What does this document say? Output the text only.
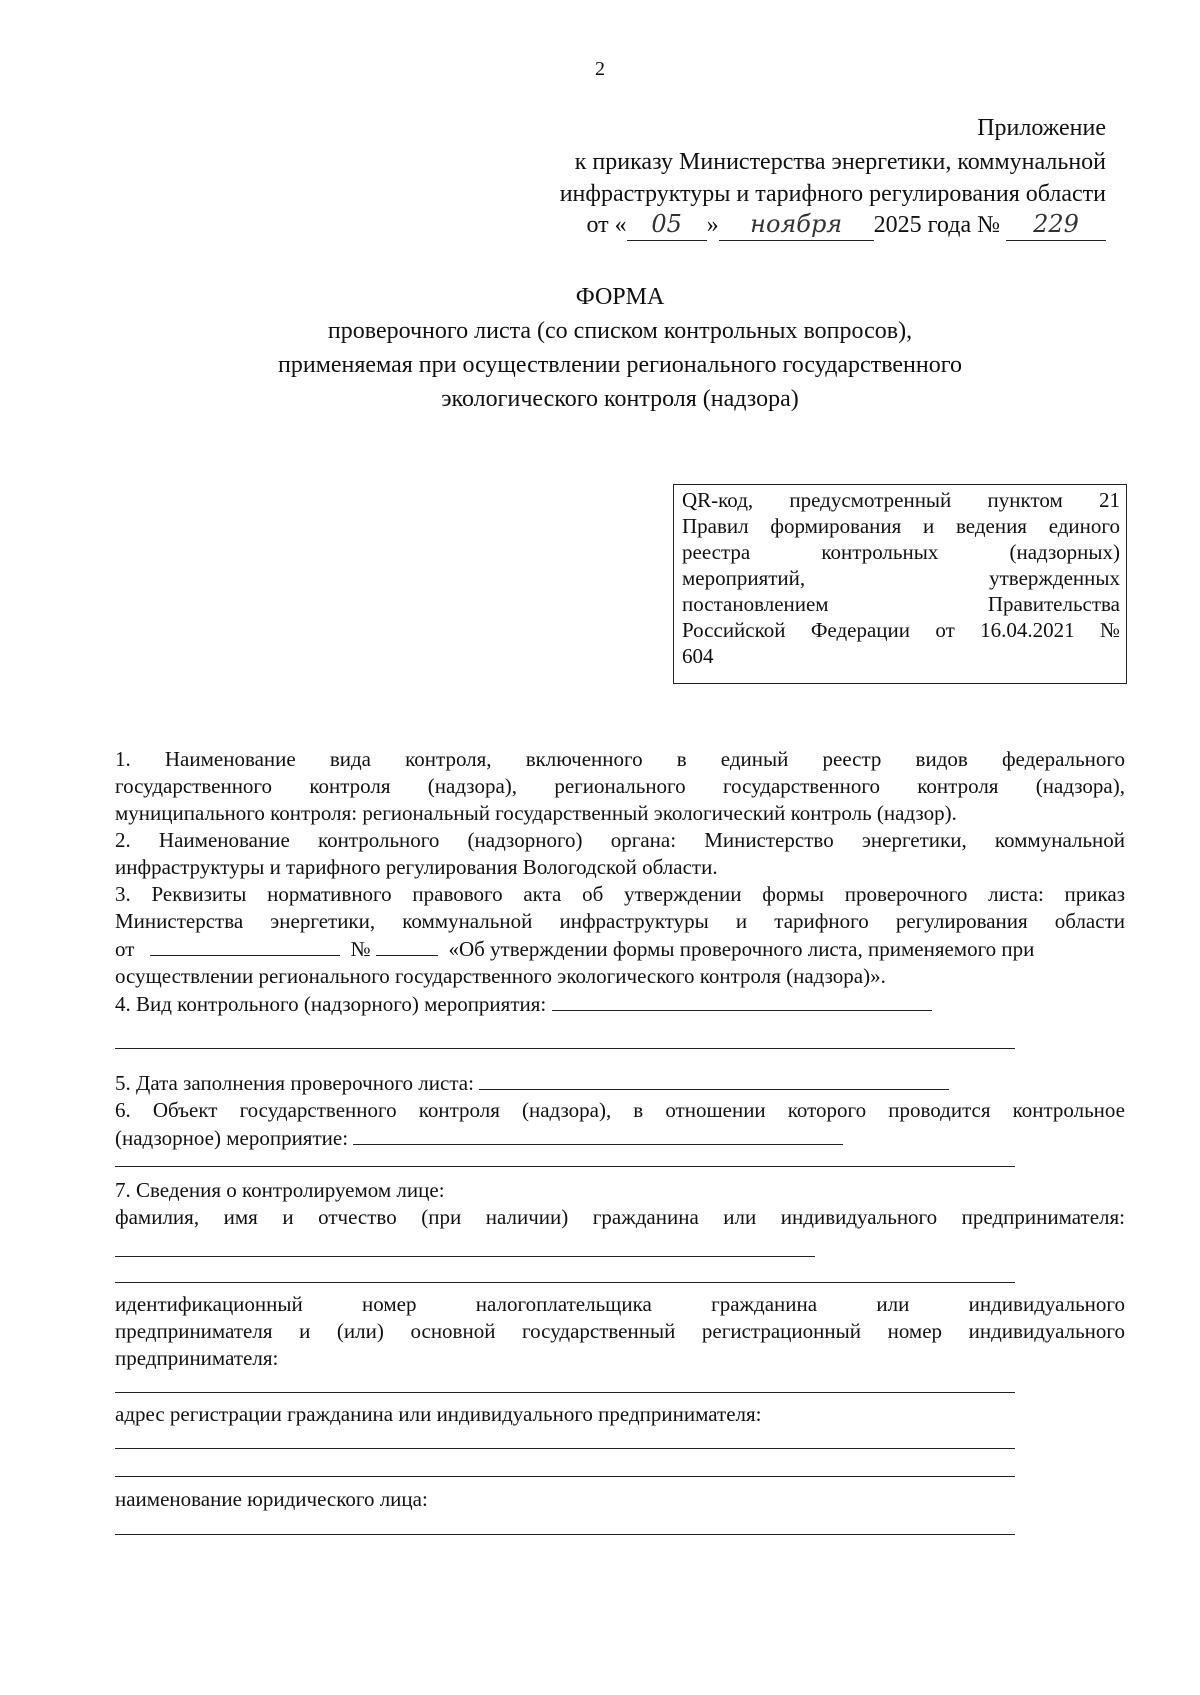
2
Приложение
к приказу Министерства энергетики, коммунальной
инфраструктуры и тарифного регулирования области
от « 05 » ноября 2025 года № 229
ФОРМА
проверочного листа (со списком контрольных вопросов),
применяемая при осуществлении регионального государственного
экологического контроля (надзора)
QR-код, предусмотренный пунктом 21
Правил формирования и ведения единого
реестра контрольных (надзорных)
мероприятий, утвержденных
постановлением Правительства
Российской Федерации от 16.04.2021 №
604
1. Наименование вида контроля, включенного в единый реестр видов федерального
государственного контроля (надзора), регионального государственного контроля (надзора),
муниципального контроля: региональный государственный экологический контроль (надзор).
2. Наименование контрольного (надзорного) органа: Министерство энергетики, коммунальной
инфраструктуры и тарифного регулирования Вологодской области.
3. Реквизиты нормативного правового акта об утверждении формы проверочного листа: приказ
Министерства энергетики, коммунальной инфраструктуры и тарифного регулирования области
от	№	«Об утверждении формы проверочного листа, применяемого при
осуществлении регионального государственного экологического контроля (надзора)».
4. Вид контрольного (надзорного) мероприятия:
5. Дата заполнения проверочного листа:
6. Объект государственного контроля (надзора), в отношении которого проводится контрольное
(надзорное) мероприятие:
7. Сведения о контролируемом лице:
фамилия, имя и отчество (при наличии) гражданина или индивидуального предпринимателя:
идентификационный номер налогоплательщика гражданина или индивидуального
предпринимателя и (или) основной государственный регистрационный номер индивидуального
предпринимателя:
адрес регистрации гражданина или индивидуального предпринимателя:
наименование юридического лица:
